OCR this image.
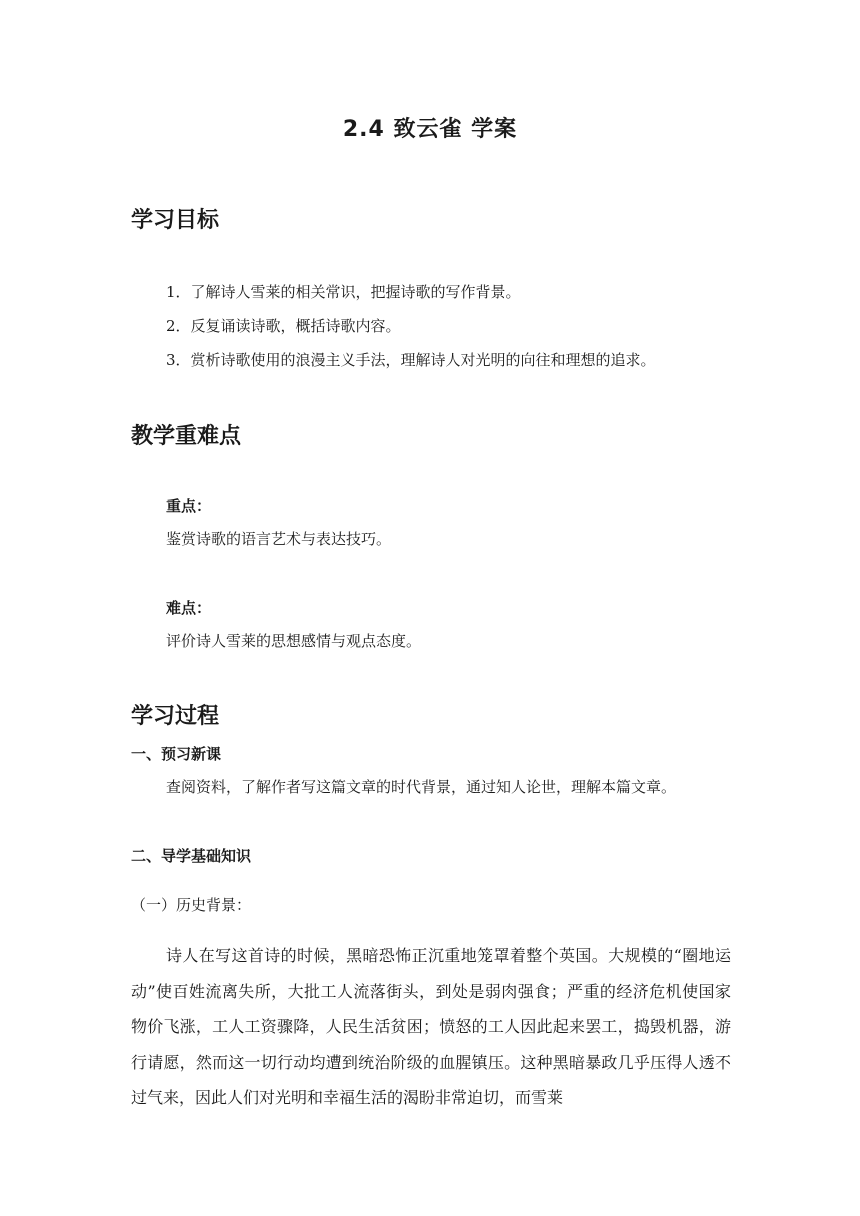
2.4 致云雀 学案
学习目标
1．了解诗人雪莱的相关常识，把握诗歌的写作背景。
2．反复诵读诗歌，概括诗歌内容。
3．赏析诗歌使用的浪漫主义手法，理解诗人对光明的向往和理想的追求。
教学重难点
重点：
鉴赏诗歌的语言艺术与表达技巧。
难点：
评价诗人雪莱的思想感情与观点态度。
学习过程
一、预习新课
查阅资料，了解作者写这篇文章的时代背景，通过知人论世，理解本篇文章。
二、导学基础知识
（一）历史背景：
诗人在写这首诗的时候，黑暗恐怖正沉重地笼罩着整个英国。大规模的“圈地运动”使百姓流离失所，大批工人流落街头，到处是弱肉强食；严重的经济危机使国家物价飞涨，工人工资骤降，人民生活贫困；愤怒的工人因此起来罢工，捣毁机器，游行请愿，然而这一切行动均遭到统治阶级的血腥镇压。这种黑暗暴政几乎压得人透不过气来，因此人们对光明和幸福生活的渴盼非常迫切，而雪莱
